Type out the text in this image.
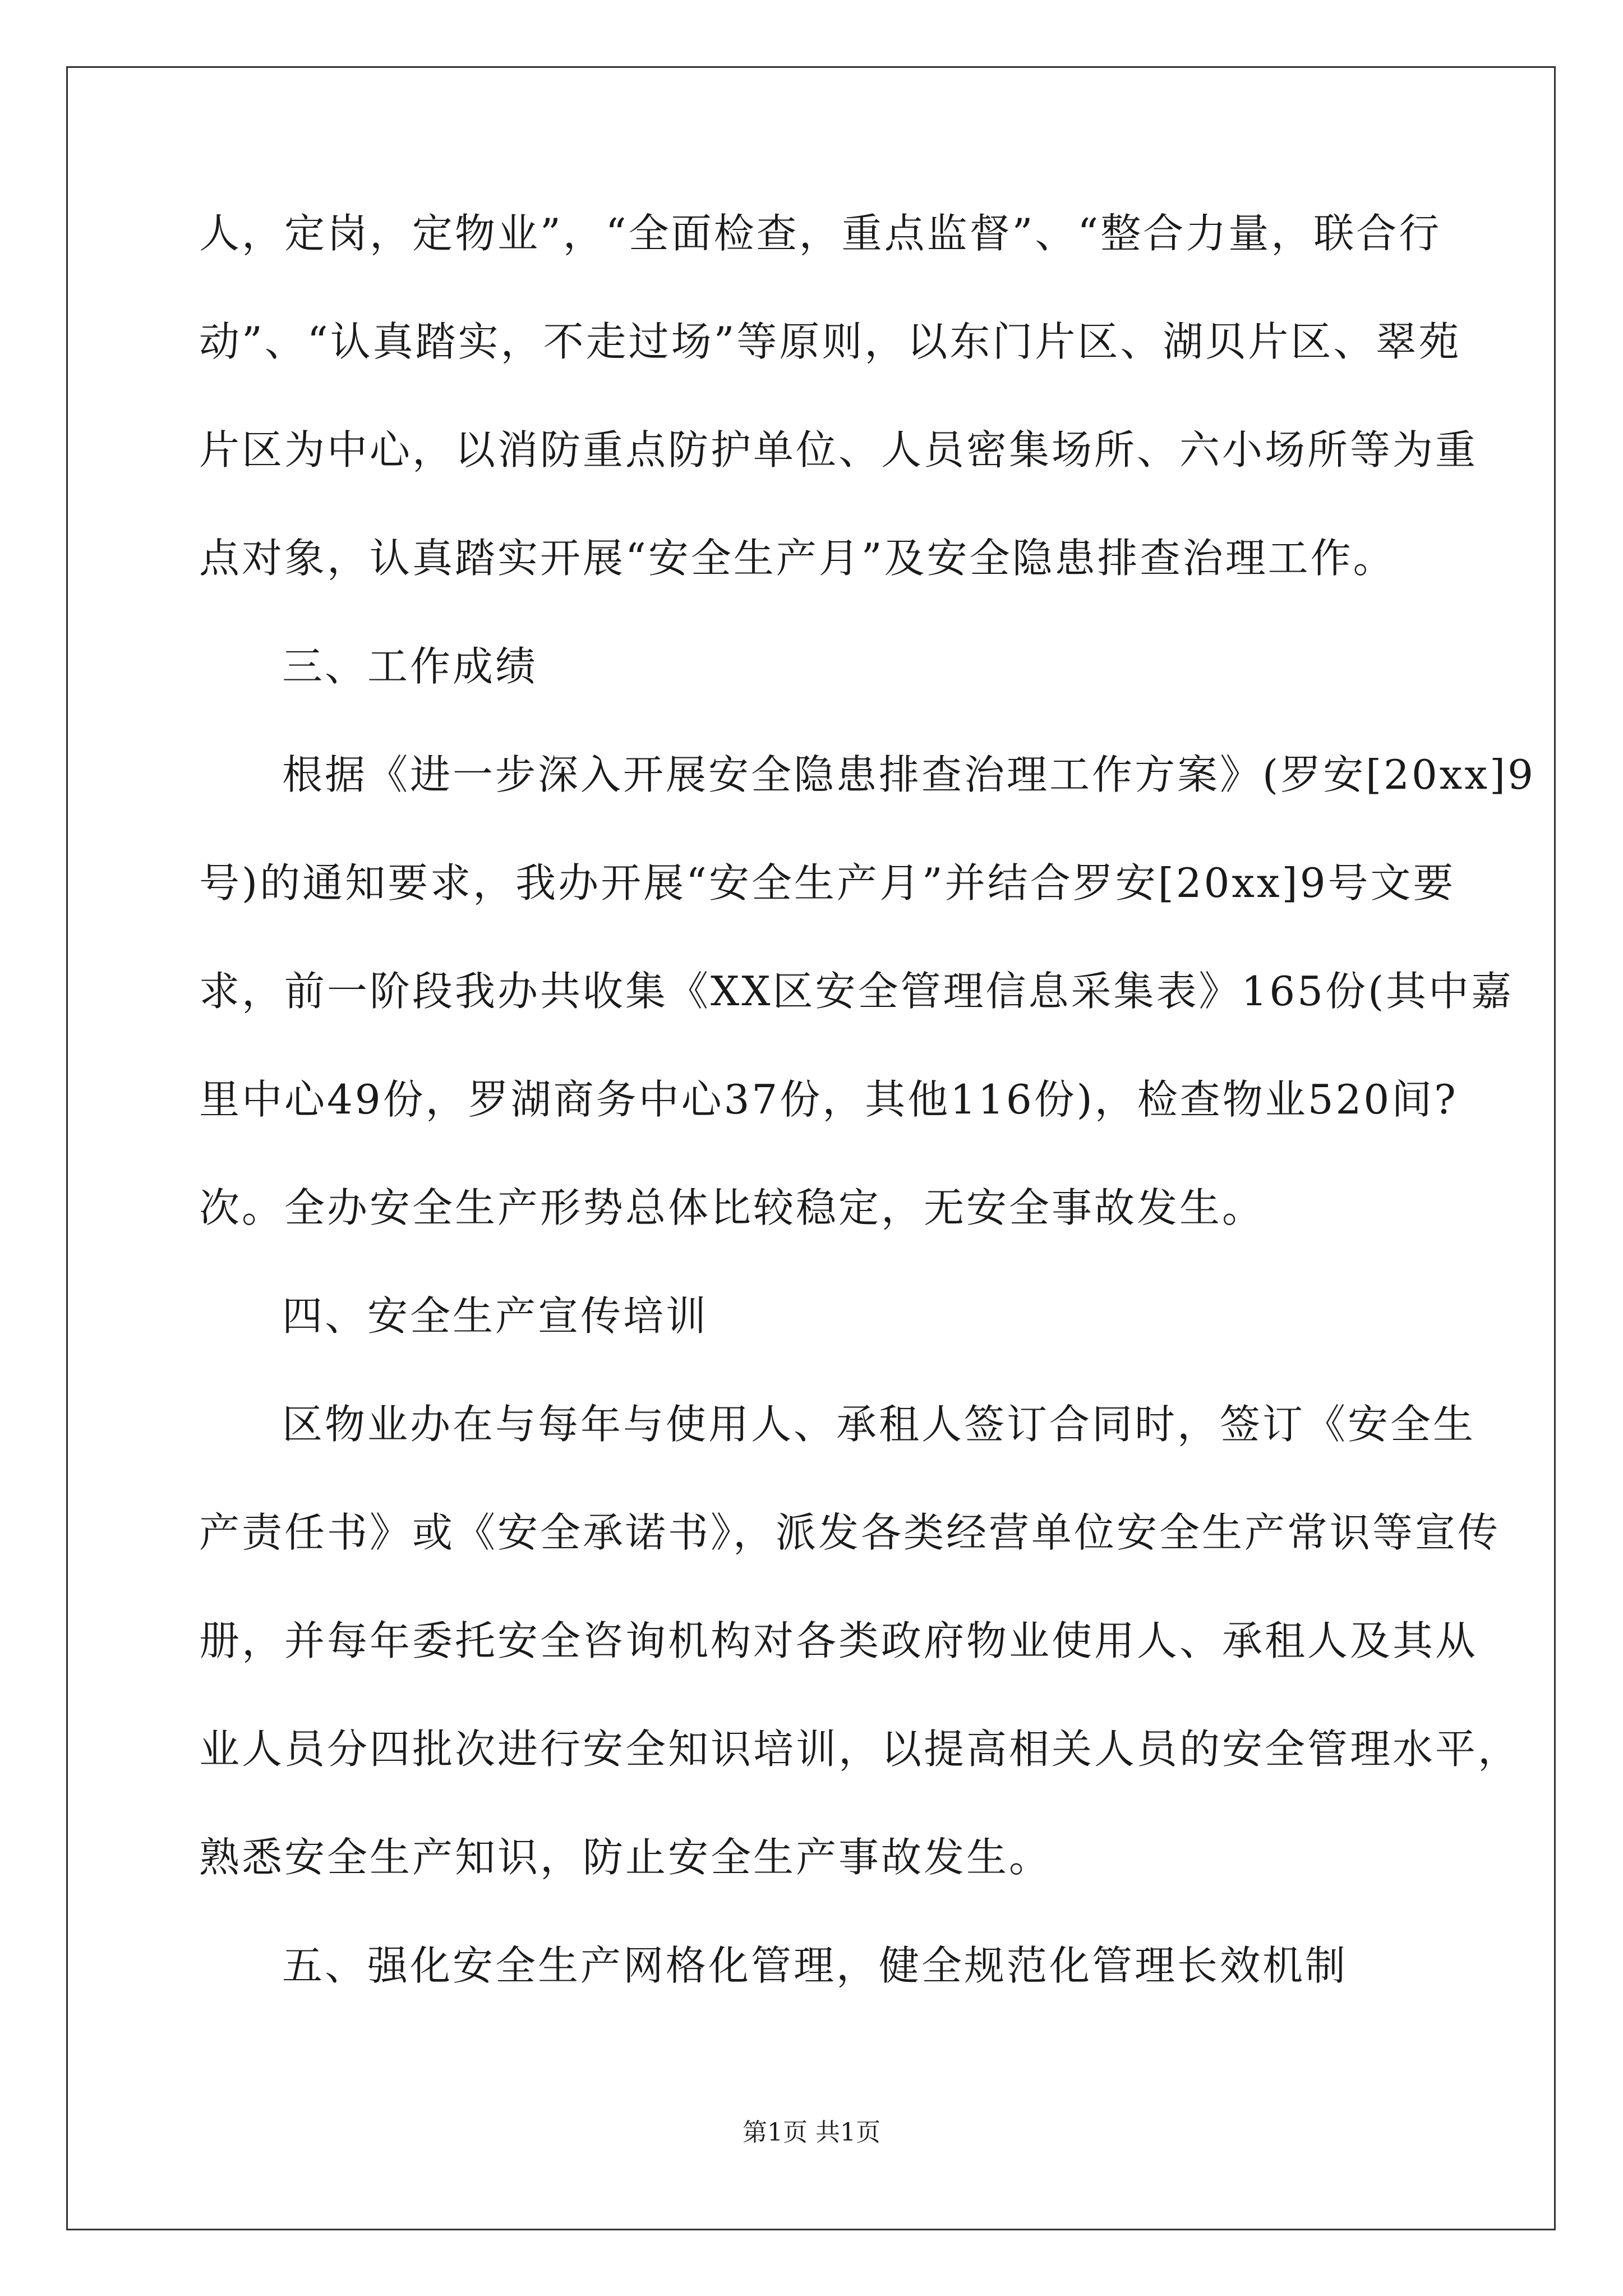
人，定岗，定物业”，“全面检查，重点监督”、“整合力量，联合行
动”、“认真踏实，不走过场”等原则，以东门片区、湖贝片区、翠苑
片区为中心，以消防重点防护单位、人员密集场所、六小场所等为重
点对象，认真踏实开展“安全生产月”及安全隐患排查治理工作。
三、工作成绩
根据《进一步深入开展安全隐患排查治理工作方案》(罗安[20xx]9
号)的通知要求，我办开展“安全生产月”并结合罗安[20xx]9号文要
求，前一阶段我办共收集《XX区安全管理信息采集表》165份(其中嘉
里中心49份，罗湖商务中心37份，其他116份)，检查物业520间?
次。全办安全生产形势总体比较稳定，无安全事故发生。
四、安全生产宣传培训
区物业办在与每年与使用人、承租人签订合同时，签订《安全生
产责任书》或《安全承诺书》，派发各类经营单位安全生产常识等宣传
册，并每年委托安全咨询机构对各类政府物业使用人、承租人及其从
业人员分四批次进行安全知识培训，以提高相关人员的安全管理水平，
熟悉安全生产知识，防止安全生产事故发生。
五、强化安全生产网格化管理，健全规范化管理长效机制
第1页 共1页
